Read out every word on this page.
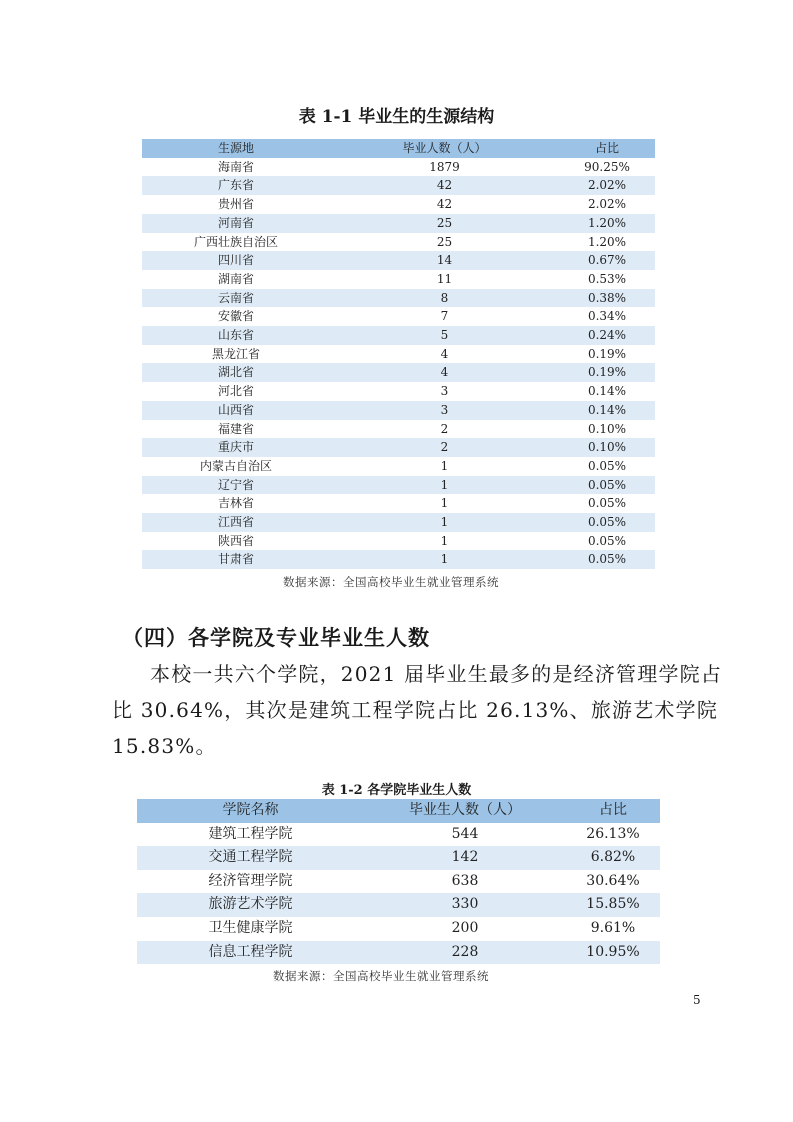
表 1-1 毕业生的生源结构
生源地	毕业人数（人）	占比
海南省	1879	90.25%
广东省	42	2.02%
贵州省	42	2.02%
河南省	25	1.20%
广西壮族自治区	25	1.20%
四川省	14	0.67%
湖南省	11	0.53%
云南省	8	0.38%
安徽省	7	0.34%
山东省	5	0.24%
黑龙江省	4	0.19%
湖北省	4	0.19%
河北省	3	0.14%
山西省	3	0.14%
福建省	2	0.10%
重庆市	2	0.10%
内蒙古自治区	1	0.05%
辽宁省	1	0.05%
吉林省	1	0.05%
江西省	1	0.05%
陕西省	1	0.05%
甘肃省	1	0.05%
数据来源：全国高校毕业生就业管理系统
（四）各学院及专业毕业生人数
本校一共六个学院，2021 届毕业生最多的是经济管理学院占
比 30.64%，其次是建筑工程学院占比 26.13%、旅游艺术学院
15.83%。
表 1-2 各学院毕业生人数
学院名称	毕业生人数（人）	占比
建筑工程学院	544	26.13%
交通工程学院	142	6.82%
经济管理学院	638	30.64%
旅游艺术学院	330	15.85%
卫生健康学院	200	9.61%
信息工程学院	228	10.95%
数据来源：全国高校毕业生就业管理系统
5
